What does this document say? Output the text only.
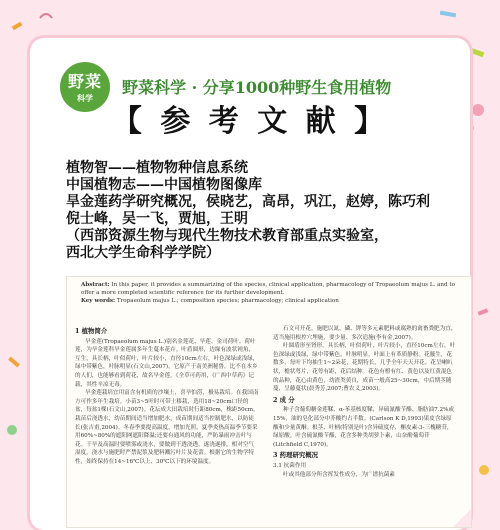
野菜
科学
野菜科学 · 分享1000种野生食用植物
【 参 考 文 献 】
植物智——植物物种信息系统
中国植物志——中国植物图像库
旱金莲药学研究概况，侯晓艺，高昂，巩江，赵婷，陈巧利
倪士峰，吴一飞，贾旭，王明
（西部资源生物与现代生物技术教育部重点实验室，
西北大学生命科学学院）
Abstract: In this paper, it provides a summarizing of the species, clinical application, pharmacology of Tropaeolum majus L. and to offer a more completed scientific reference for its further development.
Key words: Tropaeolum majus L.; composition species; pharmacology; clinical application
1 植物简介

旱金莲(Tropaeolum majus L.)别名金莲花、旱莲、金司荷叶、荷叶莲，为旱金莲科旱金莲属多年生蔓本花卉。叶盾圆形，边缘有波状钝角，互生，具长柄，叶似荷叶，叶片较小，直径10cm左右，叶色深绿或浅绿，绿中带紫色，叶脉明显(石文山,2007)。它原产于南美洲秘鲁，比不在本乡的人们，也能够看到荷花，故名旱金莲。《全草可药用，《广西中草药》记载，其性辛凉无毒。

旱金莲栽培宜用富含有机质的沙壤土，喜旱怕涝，极易栽培。在我国南方可作多年生栽培。小苗3~5叶时可带土移栽，选用18~20cm口径的盆，每盆1棵(石文山,2007)。花坛成大田栽培时行距80cm，株距50cm，栽苗后浇透水，幼苗期间适当增加肥水，成苗期间适当控制肥水，以防徒长(张吉甫,2004)。冬春季要提高温度，增加光照，夏季炎热高温季节要采用60%~80%的遮阳网遮阳降温;还要有通风的功能，严防暴雨冲击叶与花。干旱及高温时要喷雾或浇水，要做到干透浇透，遂浇遂排，相对空气湿度，浇水与施肥时严禁泥浆及肥料溅污叶片及花蕾。根据它的生物学特性，始终保持在14~16℃以上、30℃以下的环境温度。

石文可开花。施肥以氮、磷、钾等多元素肥料或腐熟的禽畜粪肥为宜，适当施用根控穴埋施，要少量、多次追施(李有金,2007)。

叶圆盾形至肾形，具长柄，叶似荷叶，叶片较小，直径10cm左右，叶色深绿或浅绿，绿中带紫色，叶脉明显，叶面上有革质静粉。花腋生，花数多，每叶下均抽生1~2朵花，花期特长，几乎全年天天开花。花呈喇叭状，檐状萼片，花萼有距，花后结种。花色有橙有红、黄色以及红黄混色的品种，花心由黄色，幼渣类黄自，成苗一般高25~30cm，中后期茎随蔓，呈藤蔓状(晨秀芳,2007;曹农义,2003)。

2 成 分

种子含葡萄糖金莲鞣、α-苯基核度鞣，异硫氰酸苄酯、脂肪油7.2%或15%，油的皂化部分中芥酸约占半数。(Carlson K D,1993)果皮含绿原酸和少量黄酮。根茎、叶柄(特别是叶)含异硫度存，槲皮素-3-三槐糖苷，绿原酸。叶含硫氰酸苄酯，花含多种类胡萝卜素，山奈酚葡萄苷(Litchfield C,1970)。

3 药理研究概况
3.1 抗菌作用

叶或其他部分所含挥发性成分，为广谱抗菌素
